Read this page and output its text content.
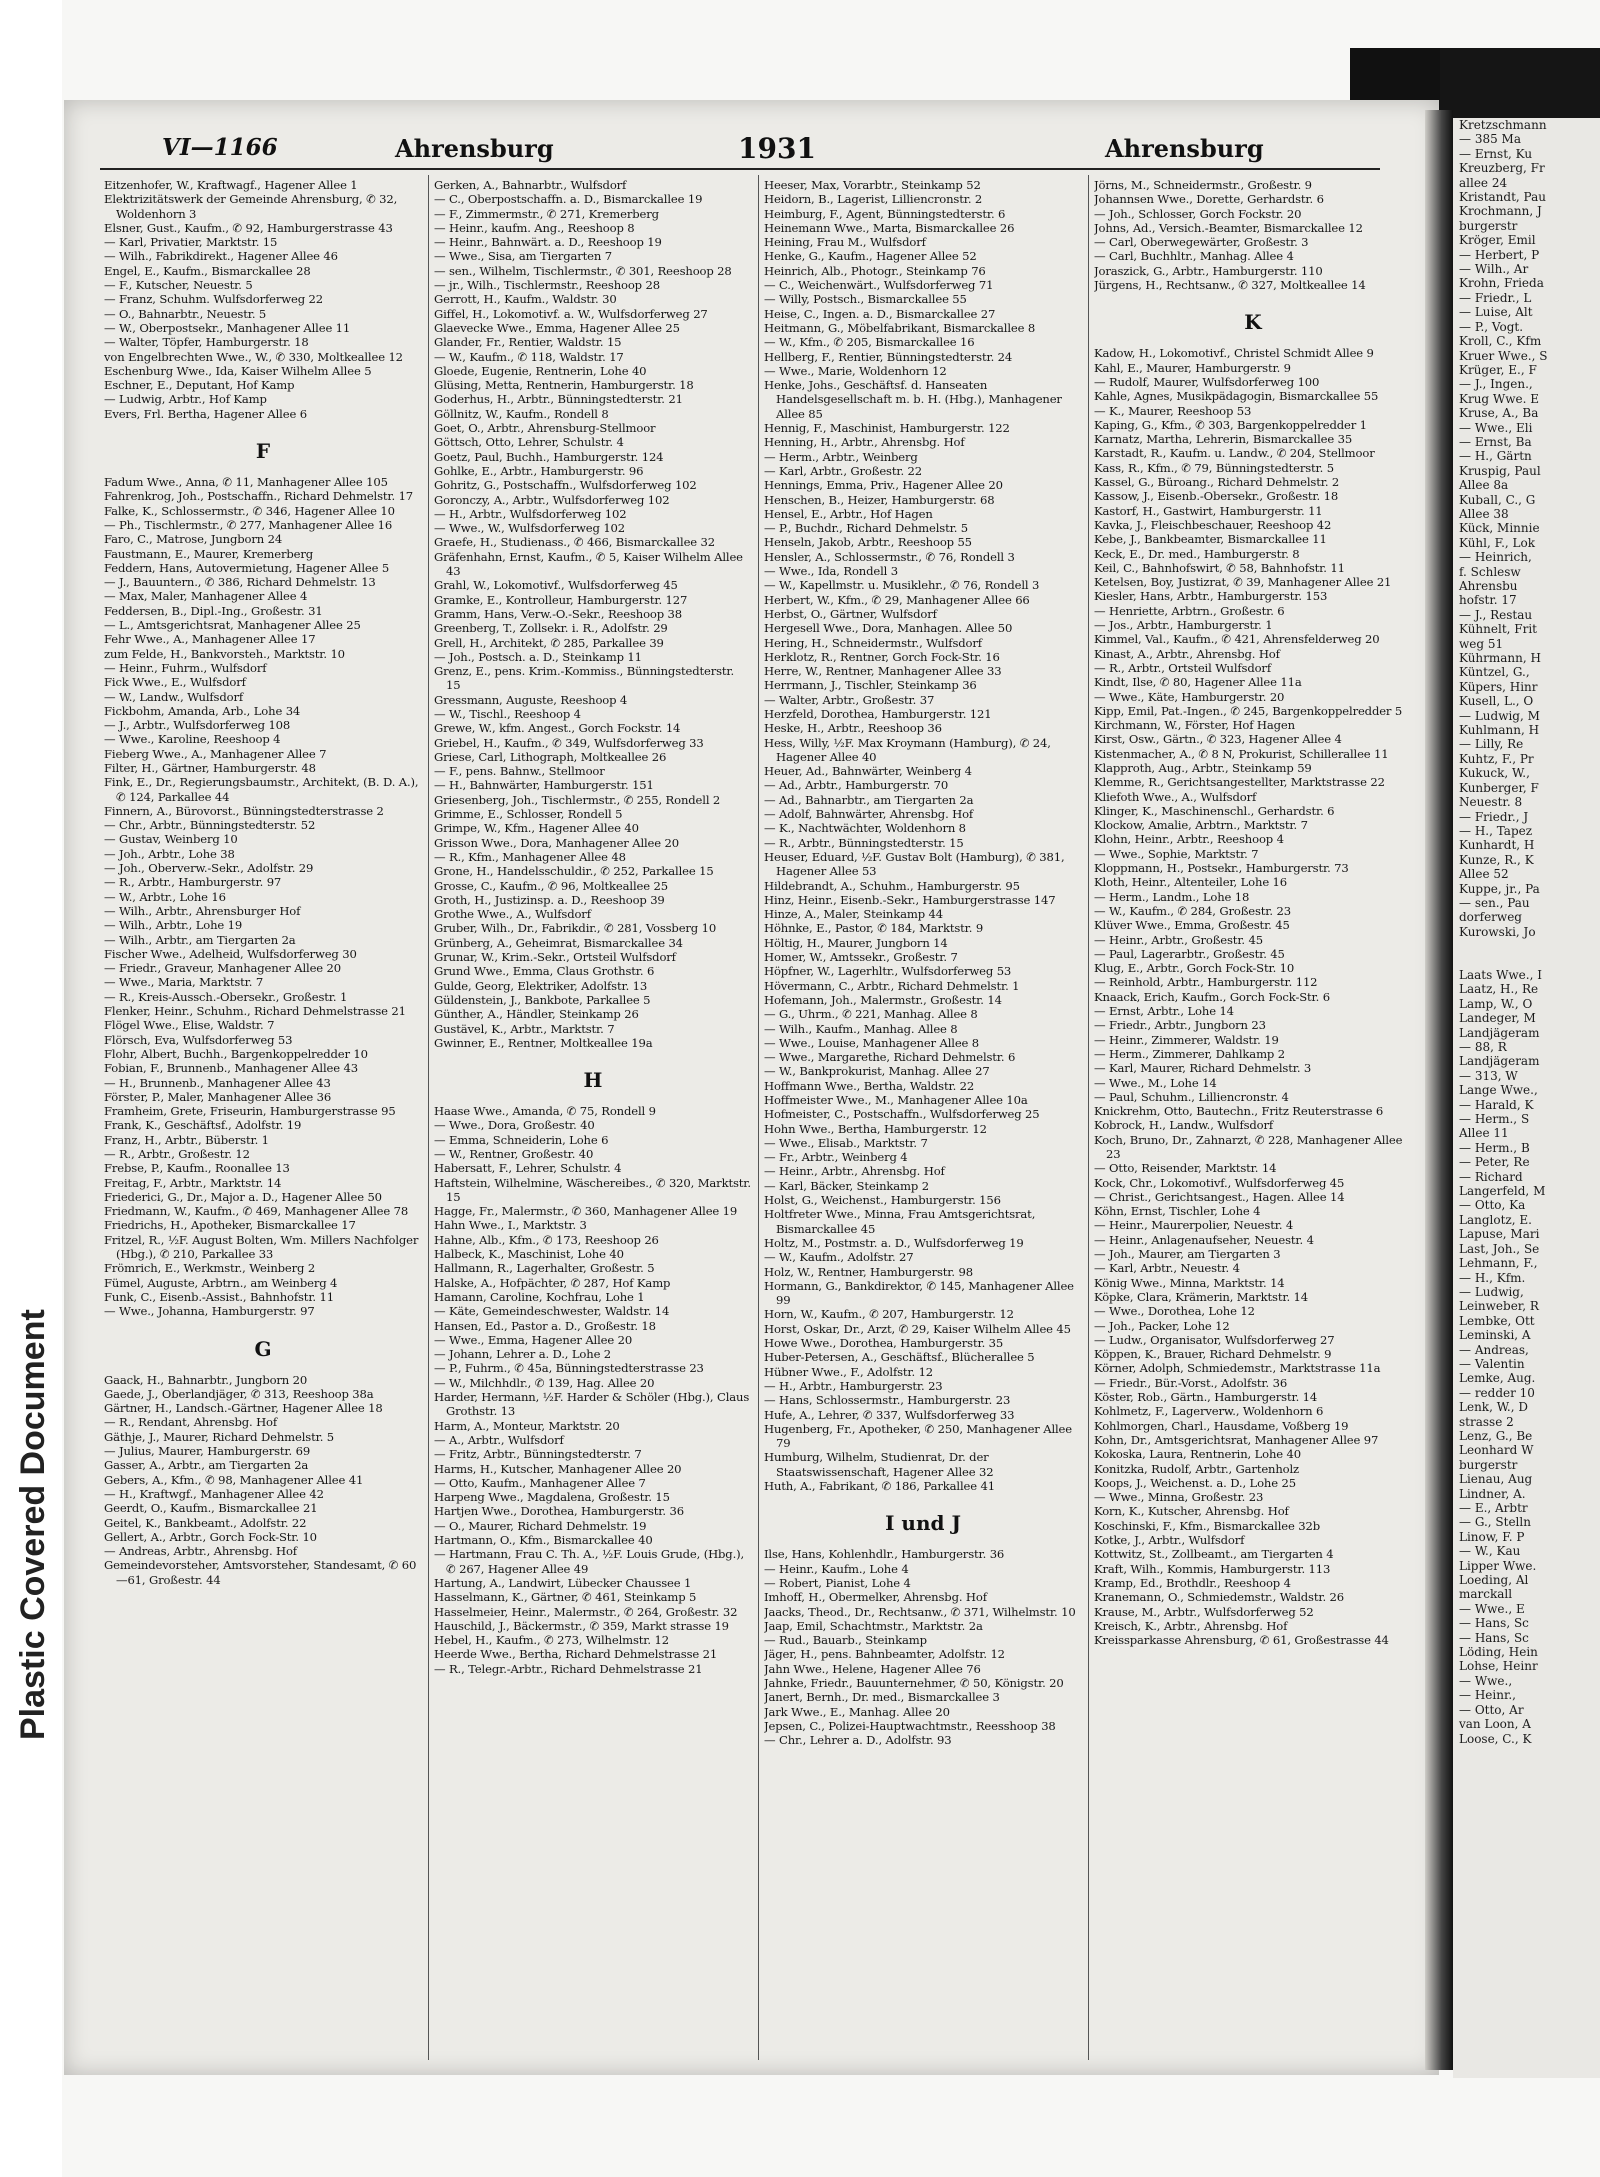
Plastic Covered Document
Kretzschmann
— 385 Ma
— Ernst, Ku
Kreuzberg, Fr
allee 24
Kristandt, Pau
Krochmann, J
burgerstr
Kröger, Emil
— Herbert, P
— Wilh., Ar
Krohn, Frieda
— Friedr., L
— Luise, Alt
— P., Vogt.
Kroll, C., Kfm
Kruer Wwe., S
Krüger, E., F
— J., Ingen.,
Krug Wwe. E
Kruse, A., Ba
— Wwe., Eli
— Ernst, Ba
— H., Gärtn
Kruspig, Paul
Allee 8a
Kuball, C., G
Allee 38
Kück, Minnie
Kühl, F., Lok
— Heinrich,
f. Schlesw
Ahrensbu
hofstr. 17
— J., Restau
Kühnelt, Frit
weg 51
Kührmann, H
Küntzel, G.,
Küpers, Hinr
Kusell, L., O
— Ludwig, M
Kuhlmann, H
— Lilly, Re
Kuhtz, F., Pr
Kukuck, W.,
Kunberger, F
Neuestr. 8
— Friedr., J
— H., Tapez
Kunhardt, H
Kunze, R., K
Allee 52
Kuppe, jr., Pa
— sen., Pau
dorferweg
Kurowski, Jo

Laats Wwe., I
Laatz, H., Re
Lamp, W., O
Landeger, M
Landjägeram
— 88, R
Landjägeram
— 313, W
Lange Wwe.,
— Harald, K
— Herm., S
Allee 11
— Herm., B
— Peter, Re
— Richard
Langerfeld, M
— Otto, Ka
Langlotz, E.
Lapuse, Mari
Last, Joh., Se
Lehmann, F.,
— H., Kfm.
— Ludwig,
Leinweber, R
Lembke, Ott
Leminski, A
— Andreas,
— Valentin
Lemke, Aug.
— redder 10
Lenk, W., D
strasse 2
Lenz, G., Be
Leonhard W
burgerstr
Lienau, Aug
Lindner, A.
— E., Arbtr
— G., Stelln
Linow, F. P
— W., Kau
Lipper Wwe.
Loeding, Al
marckall
— Wwe., E
— Hans, Sc
— Hans, Sc
Löding, Hein
Lohse, Heinr
— Wwe.,
— Heinr.,
— Otto, Ar
van Loon, A
Loose, C., K
VI—1166	Ahrensburg	1931	Ahrensburg
Eitzenhofer, W., Kraftwagf., Hagener Allee 1
Elektrizitätswerk der Gemeinde Ahrensburg, ✆ 32, Woldenhorn 3
Elsner, Gust., Kaufm., ✆ 92, Hamburgerstrasse 43
— Karl, Privatier, Marktstr. 15
— Wilh., Fabrikdirekt., Hagener Allee 46
Engel, E., Kaufm., Bismarckallee 28
— F., Kutscher, Neuestr. 5
— Franz, Schuhm. Wulfsdorferweg 22
— O., Bahnarbtr., Neuestr. 5
— W., Oberpostsekr., Manhagener Allee 11
— Walter, Töpfer, Hamburgerstr. 18
von Engelbrechten Wwe., W., ✆ 330, Moltkeallee 12
Eschenburg Wwe., Ida, Kaiser Wilhelm Allee 5
Eschner, E., Deputant, Hof Kamp
— Ludwig, Arbtr., Hof Kamp
Evers, Frl. Bertha, Hagener Allee 6
F
Fadum Wwe., Anna, ✆ 11, Manhagener Allee 105
Fahrenkrog, Joh., Postschaffn., Richard Dehmelstr. 17
Falke, K., Schlossermstr., ✆ 346, Hagener Allee 10
— Ph., Tischlermstr., ✆ 277, Manhagener Allee 16
Faro, C., Matrose, Jungborn 24
Faustmann, E., Maurer, Kremerberg
Feddern, Hans, Autovermietung, Hagener Allee 5
— J., Bauuntern., ✆ 386, Richard Dehmelstr. 13
— Max, Maler, Manhagener Allee 4
Feddersen, B., Dipl.-Ing., Großestr. 31
— L., Amtsgerichtsrat, Manhagener Allee 25
Fehr Wwe., A., Manhagener Allee 17
zum Felde, H., Bankvorsteh., Marktstr. 10
— Heinr., Fuhrm., Wulfsdorf
Fick Wwe., E., Wulfsdorf
— W., Landw., Wulfsdorf
Fickbohm, Amanda, Arb., Lohe 34
— J., Arbtr., Wulfsdorferweg 108
— Wwe., Karoline, Reeshoop 4
Fieberg Wwe., A., Manhagener Allee 7
Filter, H., Gärtner, Hamburgerstr. 48
Fink, E., Dr., Regierungsbaumstr., Architekt, (B. D. A.), ✆ 124, Parkallee 44
Finnern, A., Bürovorst., Bünningstedterstrasse 2
— Chr., Arbtr., Bünningstedterstr. 52
— Gustav, Weinberg 10
— Joh., Arbtr., Lohe 38
— Joh., Oberverw.-Sekr., Adolfstr. 29
— R., Arbtr., Hamburgerstr. 97
— W., Arbtr., Lohe 16
— Wilh., Arbtr., Ahrensburger Hof
— Wilh., Arbtr., Lohe 19
— Wilh., Arbtr., am Tiergarten 2a
Fischer Wwe., Adelheid, Wulfsdorferweg 30
— Friedr., Graveur, Manhagener Allee 20
— Wwe., Maria, Marktstr. 7
— R., Kreis-Aussch.-Obersekr., Großestr. 1
Flenker, Heinr., Schuhm., Richard Dehmelstrasse 21
Flögel Wwe., Elise, Waldstr. 7
Flörsch, Eva, Wulfsdorferweg 53
Flohr, Albert, Buchh., Bargenkoppelredder 10
Fobian, F., Brunnenb., Manhagener Allee 43
— H., Brunnenb., Manhagener Allee 43
Förster, P., Maler, Manhagener Allee 36
Framheim, Grete, Friseurin, Hamburgerstrasse 95
Frank, K., Geschäftsf., Adolfstr. 19
Franz, H., Arbtr., Büberstr. 1
— R., Arbtr., Großestr. 12
Frebse, P., Kaufm., Roonallee 13
Freitag, F., Arbtr., Marktstr. 14
Friederici, G., Dr., Major a. D., Hagener Allee 50
Friedmann, W., Kaufm., ✆ 469, Manhagener Allee 78
Friedrichs, H., Apotheker, Bismarckallee 17
Fritzel, R., ½F. August Bolten, Wm. Millers Nachfolger (Hbg.), ✆ 210, Parkallee 33
Frömrich, E., Werkmstr., Weinberg 2
Fümel, Auguste, Arbtrn., am Weinberg 4
Funk, C., Eisenb.-Assist., Bahnhofstr. 11
— Wwe., Johanna, Hamburgerstr. 97
G
Gaack, H., Bahnarbtr., Jungborn 20
Gaede, J., Oberlandjäger, ✆ 313, Reeshoop 38a
Gärtner, H., Landsch.-Gärtner, Hagener Allee 18
— R., Rendant, Ahrensbg. Hof
Gäthje, J., Maurer, Richard Dehmelstr. 5
— Julius, Maurer, Hamburgerstr. 69
Gasser, A., Arbtr., am Tiergarten 2a
Gebers, A., Kfm., ✆ 98, Manhagener Allee 41
— H., Kraftwgf., Manhagener Allee 42
Geerdt, O., Kaufm., Bismarckallee 21
Geitel, K., Bankbeamt., Adolfstr. 22
Gellert, A., Arbtr., Gorch Fock-Str. 10
— Andreas, Arbtr., Ahrensbg. Hof
Gemeindevorsteher, Amtsvorsteher, Standesamt, ✆ 60—61, Großestr. 44
Gerken, A., Bahnarbtr., Wulfsdorf
— C., Oberpostschaffn. a. D., Bismarckallee 19
— F., Zimmermstr., ✆ 271, Kremerberg
— Heinr., kaufm. Ang., Reeshoop 8
— Heinr., Bahnwärt. a. D., Reeshoop 19
— Wwe., Sisa, am Tiergarten 7
— sen., Wilhelm, Tischlermstr., ✆ 301, Reeshoop 28
— jr., Wilh., Tischlermstr., Reeshoop 28
Gerrott, H., Kaufm., Waldstr. 30
Giffel, H., Lokomotivf. a. W., Wulfsdorferweg 27
Glaevecke Wwe., Emma, Hagener Allee 25
Glander, Fr., Rentier, Waldstr. 15
— W., Kaufm., ✆ 118, Waldstr. 17
Gloede, Eugenie, Rentnerin, Lohe 40
Glüsing, Metta, Rentnerin, Hamburgerstr. 18
Goderhus, H., Arbtr., Bünningstedterstr. 21
Göllnitz, W., Kaufm., Rondell 8
Goet, O., Arbtr., Ahrensburg-Stellmoor
Göttsch, Otto, Lehrer, Schulstr. 4
Goetz, Paul, Buchh., Hamburgerstr. 124
Gohlke, E., Arbtr., Hamburgerstr. 96
Gohritz, G., Postschaffn., Wulfsdorferweg 102
Goronczy, A., Arbtr., Wulfsdorferweg 102
— H., Arbtr., Wulfsdorferweg 102
— Wwe., W., Wulfsdorferweg 102
Graefe, H., Studienass., ✆ 466, Bismarckallee 32
Gräfenhahn, Ernst, Kaufm., ✆ 5, Kaiser Wilhelm Allee 43
Grahl, W., Lokomotivf., Wulfsdorferweg 45
Gramke, E., Kontrolleur, Hamburgerstr. 127
Gramm, Hans, Verw.-O.-Sekr., Reeshoop 38
Greenberg, T., Zollsekr. i. R., Adolfstr. 29
Grell, H., Architekt, ✆ 285, Parkallee 39
— Joh., Postsch. a. D., Steinkamp 11
Grenz, E., pens. Krim.-Kommiss., Bünningstedterstr. 15
Gressmann, Auguste, Reeshoop 4
— W., Tischl., Reeshoop 4
Grewe, W., kfm. Angest., Gorch Fockstr. 14
Griebel, H., Kaufm., ✆ 349, Wulfsdorferweg 33
Griese, Carl, Lithograph, Moltkeallee 26
— F., pens. Bahnw., Stellmoor
— H., Bahnwärter, Hamburgerstr. 151
Griesenberg, Joh., Tischlermstr., ✆ 255, Rondell 2
Grimme, E., Schlosser, Rondell 5
Grimpe, W., Kfm., Hagener Allee 40
Grisson Wwe., Dora, Manhagener Allee 20
— R., Kfm., Manhagener Allee 48
Grone, H., Handelsschuldir., ✆ 252, Parkallee 15
Grosse, C., Kaufm., ✆ 96, Moltkeallee 25
Groth, H., Justizinsp. a. D., Reeshoop 39
Grothe Wwe., A., Wulfsdorf
Gruber, Wilh., Dr., Fabrikdir., ✆ 281, Vossberg 10
Grünberg, A., Geheimrat, Bismarckallee 34
Grunar, W., Krim.-Sekr., Ortsteil Wulfsdorf
Grund Wwe., Emma, Claus Grothstr. 6
Gulde, Georg, Elektriker, Adolfstr. 13
Güldenstein, J., Bankbote, Parkallee 5
Günther, A., Händler, Steinkamp 26
Gustävel, K., Arbtr., Marktstr. 7
Gwinner, E., Rentner, Moltkeallee 19a
H
Haase Wwe., Amanda, ✆ 75, Rondell 9
— Wwe., Dora, Großestr. 40
— Emma, Schneiderin, Lohe 6
— W., Rentner, Großestr. 40
Habersatt, F., Lehrer, Schulstr. 4
Haftstein, Wilhelmine, Wäschereibes., ✆ 320, Marktstr. 15
Hagge, Fr., Malermstr., ✆ 360, Manhagener Allee 19
Hahn Wwe., I., Marktstr. 3
Hahne, Alb., Kfm., ✆ 173, Reeshoop 26
Halbeck, K., Maschinist, Lohe 40
Hallmann, R., Lagerhalter, Großestr. 5
Halske, A., Hofpächter, ✆ 287, Hof Kamp
Hamann, Caroline, Kochfrau, Lohe 1
— Käte, Gemeindeschwester, Waldstr. 14
Hansen, Ed., Pastor a. D., Großestr. 18
— Wwe., Emma, Hagener Allee 20
— Johann, Lehrer a. D., Lohe 2
— P., Fuhrm., ✆ 45a, Bünningstedterstrasse 23
— W., Milchhdlr., ✆ 139, Hag. Allee 20
Harder, Hermann, ½F. Harder & Schöler (Hbg.), Claus Grothstr. 13
Harm, A., Monteur, Marktstr. 20
— A., Arbtr., Wulfsdorf
— Fritz, Arbtr., Bünningstedterstr. 7
Harms, H., Kutscher, Manhagener Allee 20
— Otto, Kaufm., Manhagener Allee 7
Harpeng Wwe., Magdalena, Großestr. 15
Hartjen Wwe., Dorothea, Hamburgerstr. 36
— O., Maurer, Richard Dehmelstr. 19
Hartmann, O., Kfm., Bismarckallee 40
— Hartmann, Frau C. Th. A., ½F. Louis Grude, (Hbg.), ✆ 267, Hagener Allee 49
Hartung, A., Landwirt, Lübecker Chaussee 1
Hasselmann, K., Gärtner, ✆ 461, Steinkamp 5
Hasselmeier, Heinr., Malermstr., ✆ 264, Großestr. 32
Hauschild, J., Bäckermstr., ✆ 359, Markt strasse 19
Hebel, H., Kaufm., ✆ 273, Wilhelmstr. 12
Heerde Wwe., Bertha, Richard Dehmelstrasse 21
— R., Telegr.-Arbtr., Richard Dehmelstrasse 21
Heeser, Max, Vorarbtr., Steinkamp 52
Heidorn, B., Lagerist, Lilliencronstr. 2
Heimburg, F., Agent, Bünningstedterstr. 6
Heinemann Wwe., Marta, Bismarckallee 26
Heining, Frau M., Wulfsdorf
Henke, G., Kaufm., Hagener Allee 52
Heinrich, Alb., Photogr., Steinkamp 76
— C., Weichenwärt., Wulfsdorferweg 71
— Willy, Postsch., Bismarckallee 55
Heise, C., Ingen. a. D., Bismarckallee 27
Heitmann, G., Möbelfabrikant, Bismarckallee 8
— W., Kfm., ✆ 205, Bismarckallee 16
Hellberg, F., Rentier, Bünningstedterstr. 24
— Wwe., Marie, Woldenhorn 12
Henke, Johs., Geschäftsf. d. Hanseaten Handelsgesellschaft m. b. H. (Hbg.), Manhagener Allee 85
Hennig, F., Maschinist, Hamburgerstr. 122
Henning, H., Arbtr., Ahrensbg. Hof
— Herm., Arbtr., Weinberg
— Karl, Arbtr., Großestr. 22
Hennings, Emma, Priv., Hagener Allee 20
Henschen, B., Heizer, Hamburgerstr. 68
Hensel, E., Arbtr., Hof Hagen
— P., Buchdr., Richard Dehmelstr. 5
Henseln, Jakob, Arbtr., Reeshoop 55
Hensler, A., Schlossermstr., ✆ 76, Rondell 3
— Wwe., Ida, Rondell 3
— W., Kapellmstr. u. Musiklehr., ✆ 76, Rondell 3
Herbert, W., Kfm., ✆ 29, Manhagener Allee 66
Herbst, O., Gärtner, Wulfsdorf
Hergesell Wwe., Dora, Manhagen. Allee 50
Hering, H., Schneidermstr., Wulfsdorf
Herklotz, R., Rentner, Gorch Fock-Str. 16
Herre, W., Rentner, Manhagener Allee 33
Herrmann, J., Tischler, Steinkamp 36
— Walter, Arbtr., Großestr. 37
Herzfeld, Dorothea, Hamburgerstr. 121
Heske, H., Arbtr., Reeshoop 36
Hess, Willy, ½F. Max Kroymann (Hamburg), ✆ 24, Hagener Allee 40
Heuer, Ad., Bahnwärter, Weinberg 4
— Ad., Arbtr., Hamburgerstr. 70
— Ad., Bahnarbtr., am Tiergarten 2a
— Adolf, Bahnwärter, Ahrensbg. Hof
— K., Nachtwächter, Woldenhorn 8
— R., Arbtr., Bünningstedterstr. 15
Heuser, Eduard, ½F. Gustav Bolt (Hamburg), ✆ 381, Hagener Allee 53
Hildebrandt, A., Schuhm., Hamburgerstr. 95
Hinz, Heinr., Eisenb.-Sekr., Hamburgerstrasse 147
Hinze, A., Maler, Steinkamp 44
Höhnke, E., Pastor, ✆ 184, Marktstr. 9
Höltig, H., Maurer, Jungborn 14
Homer, W., Amtssekr., Großestr. 7
Höpfner, W., Lagerhltr., Wulfsdorferweg 53
Hövermann, C., Arbtr., Richard Dehmelstr. 1
Hofemann, Joh., Malermstr., Großestr. 14
— G., Uhrm., ✆ 221, Manhag. Allee 8
— Wilh., Kaufm., Manhag. Allee 8
— Wwe., Louise, Manhagener Allee 8
— Wwe., Margarethe, Richard Dehmelstr. 6
— W., Bankprokurist, Manhag. Allee 27
Hoffmann Wwe., Bertha, Waldstr. 22
Hoffmeister Wwe., M., Manhagener Allee 10a
Hofmeister, C., Postschaffn., Wulfsdorferweg 25
Hohn Wwe., Bertha, Hamburgerstr. 12
— Wwe., Elisab., Marktstr. 7
— Fr., Arbtr., Weinberg 4
— Heinr., Arbtr., Ahrensbg. Hof
— Karl, Bäcker, Steinkamp 2
Holst, G., Weichenst., Hamburgerstr. 156
Holtfreter Wwe., Minna, Frau Amtsgerichtsrat, Bismarckallee 45
Holtz, M., Postmstr. a. D., Wulfsdorferweg 19
— W., Kaufm., Adolfstr. 27
Holz, W., Rentner, Hamburgerstr. 98
Hormann, G., Bankdirektor, ✆ 145, Manhagener Allee 99
Horn, W., Kaufm., ✆ 207, Hamburgerstr. 12
Horst, Oskar, Dr., Arzt, ✆ 29, Kaiser Wilhelm Allee 45
Howe Wwe., Dorothea, Hamburgerstr. 35
Huber-Petersen, A., Geschäftsf., Blücherallee 5
Hübner Wwe., F., Adolfstr. 12
— H., Arbtr., Hamburgerstr. 23
— Hans, Schlossermstr., Hamburgerstr. 23
Hufe, A., Lehrer, ✆ 337, Wulfsdorferweg 33
Hugenberg, Fr., Apotheker, ✆ 250, Manhagener Allee 79
Humburg, Wilhelm, Studienrat, Dr. der Staatswissenschaft, Hagener Allee 32
Huth, A., Fabrikant, ✆ 186, Parkallee 41
I und J
Ilse, Hans, Kohlenhdlr., Hamburgerstr. 36
— Heinr., Kaufm., Lohe 4
— Robert, Pianist, Lohe 4
Imhoff, H., Obermelker, Ahrensbg. Hof
Jaacks, Theod., Dr., Rechtsanw., ✆ 371, Wilhelmstr. 10
Jaap, Emil, Schachtmstr., Marktstr. 2a
— Rud., Bauarb., Steinkamp
Jäger, H., pens. Bahnbeamter, Adolfstr. 12
Jahn Wwe., Helene, Hagener Allee 76
Jahnke, Friedr., Bauunternehmer, ✆ 50, Königstr. 20
Janert, Bernh., Dr. med., Bismarckallee 3
Jark Wwe., E., Manhag. Allee 20
Jepsen, C., Polizei-Hauptwachtmstr., Reesshoop 38
— Chr., Lehrer a. D., Adolfstr. 93
Jörns, M., Schneidermstr., Großestr. 9
Johannsen Wwe., Dorette, Gerhardstr. 6
— Joh., Schlosser, Gorch Fockstr. 20
Johns, Ad., Versich.-Beamter, Bismarckallee 12
— Carl, Oberwegewärter, Großestr. 3
— Carl, Buchhltr., Manhag. Allee 4
Joraszick, G., Arbtr., Hamburgerstr. 110
Jürgens, H., Rechtsanw., ✆ 327, Moltkeallee 14
K
Kadow, H., Lokomotivf., Christel Schmidt Allee 9
Kahl, E., Maurer, Hamburgerstr. 9
— Rudolf, Maurer, Wulfsdorferweg 100
Kahle, Agnes, Musikpädagogin, Bismarckallee 55
— K., Maurer, Reeshoop 53
Kaping, G., Kfm., ✆ 303, Bargenkoppelredder 1
Karnatz, Martha, Lehrerin, Bismarckallee 35
Karstadt, R., Kaufm. u. Landw., ✆ 204, Stellmoor
Kass, R., Kfm., ✆ 79, Bünningstedterstr. 5
Kassel, G., Büroang., Richard Dehmelstr. 2
Kassow, J., Eisenb.-Obersekr., Großestr. 18
Kastorf, H., Gastwirt, Hamburgerstr. 11
Kavka, J., Fleischbeschauer, Reeshoop 42
Kebe, J., Bankbeamter, Bismarckallee 11
Keck, E., Dr. med., Hamburgerstr. 8
Keil, C., Bahnhofswirt, ✆ 58, Bahnhofstr. 11
Ketelsen, Boy, Justizrat, ✆ 39, Manhagener Allee 21
Kiesler, Hans, Arbtr., Hamburgerstr. 153
— Henriette, Arbtrn., Großestr. 6
— Jos., Arbtr., Hamburgerstr. 1
Kimmel, Val., Kaufm., ✆ 421, Ahrensfelderweg 20
Kinast, A., Arbtr., Ahrensbg. Hof
— R., Arbtr., Ortsteil Wulfsdorf
Kindt, Ilse, ✆ 80, Hagener Allee 11a
— Wwe., Käte, Hamburgerstr. 20
Kipp, Emil, Pat.-Ingen., ✆ 245, Bargenkoppelredder 5
Kirchmann, W., Förster, Hof Hagen
Kirst, Osw., Gärtn., ✆ 323, Hagener Allee 4
Kistenmacher, A., ✆ 8 N, Prokurist, Schillerallee 11
Klapproth, Aug., Arbtr., Steinkamp 59
Klemme, R., Gerichtsangestellter, Marktstrasse 22
Kliefoth Wwe., A., Wulfsdorf
Klinger, K., Maschinenschl., Gerhardstr. 6
Klockow, Amalie, Arbtrn., Marktstr. 7
Klohn, Heinr., Arbtr., Reeshoop 4
— Wwe., Sophie, Marktstr. 7
Kloppmann, H., Postsekr., Hamburgerstr. 73
Kloth, Heinr., Altenteiler, Lohe 16
— Herm., Landm., Lohe 18
— W., Kaufm., ✆ 284, Großestr. 23
Klüver Wwe., Emma, Großestr. 45
— Heinr., Arbtr., Großestr. 45
— Paul, Lagerarbtr., Großestr. 45
Klug, E., Arbtr., Gorch Fock-Str. 10
— Reinhold, Arbtr., Hamburgerstr. 112
Knaack, Erich, Kaufm., Gorch Fock-Str. 6
— Ernst, Arbtr., Lohe 14
— Friedr., Arbtr., Jungborn 23
— Heinr., Zimmerer, Waldstr. 19
— Herm., Zimmerer, Dahlkamp 2
— Karl, Maurer, Richard Dehmelstr. 3
— Wwe., M., Lohe 14
— Paul, Schuhm., Lilliencronstr. 4
Knickrehm, Otto, Bautechn., Fritz Reuterstrasse 6
Kobrock, H., Landw., Wulfsdorf
Koch, Bruno, Dr., Zahnarzt, ✆ 228, Manhagener Allee 23
— Otto, Reisender, Marktstr. 14
Kock, Chr., Lokomotivf., Wulfsdorferweg 45
— Christ., Gerichtsangest., Hagen. Allee 14
Köhn, Ernst, Tischler, Lohe 4
— Heinr., Maurerpolier, Neuestr. 4
— Heinr., Anlagenaufseher, Neuestr. 4
— Joh., Maurer, am Tiergarten 3
— Karl, Arbtr., Neuestr. 4
König Wwe., Minna, Marktstr. 14
Köpke, Clara, Krämerin, Marktstr. 14
— Wwe., Dorothea, Lohe 12
— Joh., Packer, Lohe 12
— Ludw., Organisator, Wulfsdorferweg 27
Köppen, K., Brauer, Richard Dehmelstr. 9
Körner, Adolph, Schmiedemstr., Marktstrasse 11a
— Friedr., Bür.-Vorst., Adolfstr. 36
Köster, Rob., Gärtn., Hamburgerstr. 14
Kohlmetz, F., Lagerverw., Woldenhorn 6
Kohlmorgen, Charl., Hausdame, Voßberg 19
Kohn, Dr., Amtsgerichtsrat, Manhagener Allee 97
Kokoska, Laura, Rentnerin, Lohe 40
Konitzka, Rudolf, Arbtr., Gartenholz
Koops, J., Weichenst. a. D., Lohe 25
— Wwe., Minna, Großestr. 23
Korn, K., Kutscher, Ahrensbg. Hof
Koschinski, F., Kfm., Bismarckallee 32b
Kotke, J., Arbtr., Wulfsdorf
Kottwitz, St., Zollbeamt., am Tiergarten 4
Kraft, Wilh., Kommis, Hamburgerstr. 113
Kramp, Ed., Brothdlr., Reeshoop 4
Kranemann, O., Schmiedemstr., Waldstr. 26
Krause, M., Arbtr., Wulfsdorferweg 52
Kreisch, K., Arbtr., Ahrensbg. Hof
Kreissparkasse Ahrensburg, ✆ 61, Großestrasse 44
